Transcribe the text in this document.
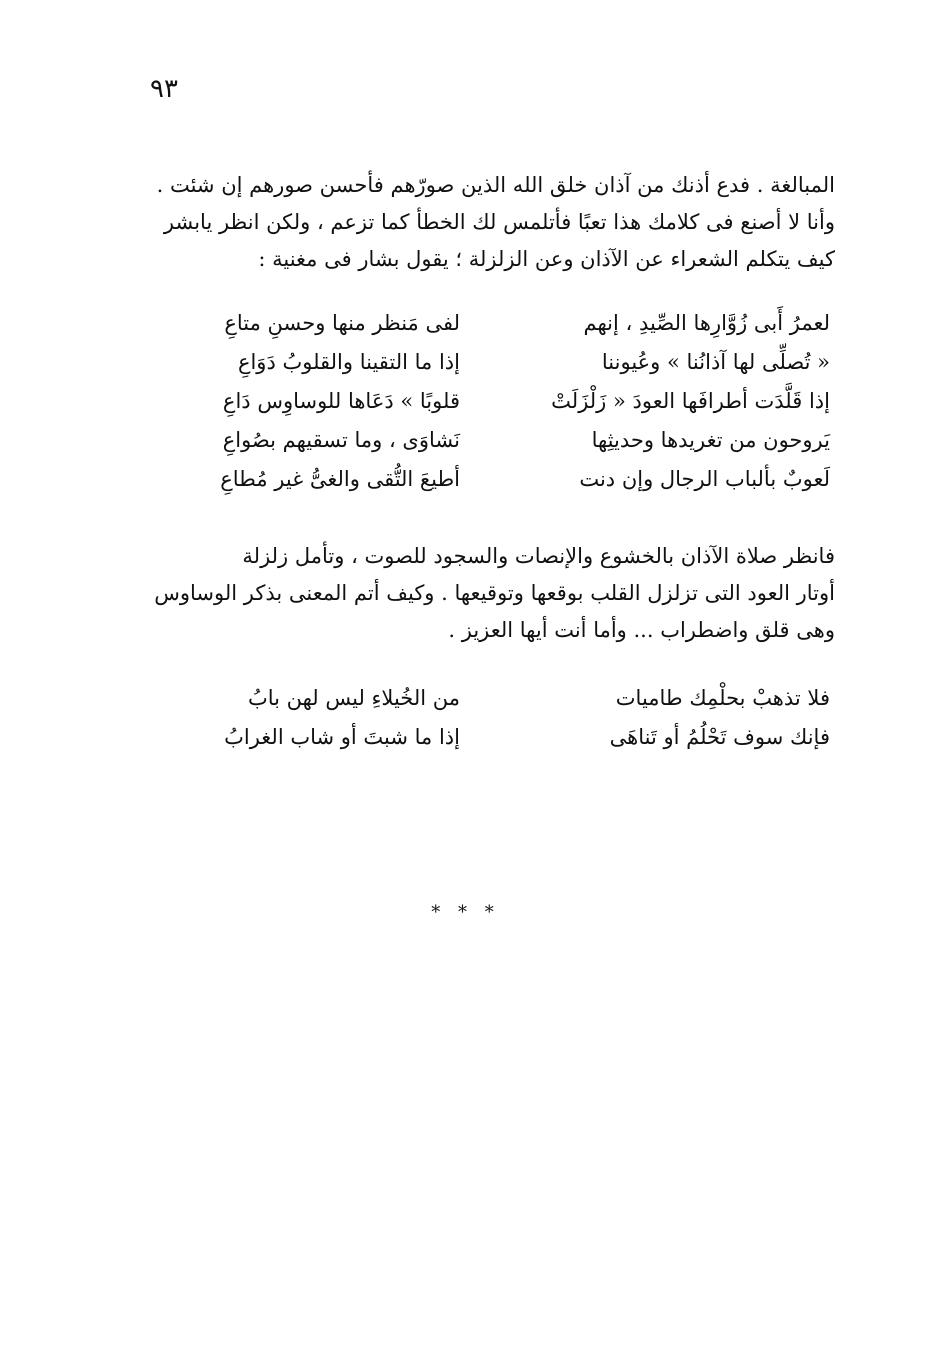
٩٣
المبالغة . فدع أذنك من آذان خلق الله الذين صورّهم فأحسن صورهم إن شئت .
وأنا لا أصنع فى كلامك هذا تعبًا فأتلمس لك الخطأ كما تزعم ، ولكن انظر يابشر
كيف يتكلم الشعراء عن الآذان وعن الزلزلة ؛ يقول بشار فى مغنية :
لعمرُ أَبى زُوَّارِها الصِّيدِ ، إنهم
لفى مَنظر منها وحسنِ متاعِ
« تُصلِّى لها آذانُنا » وعُيوننا
إذا ما التقينا والقلوبُ دَوَاعِ
إذا قَلَّدَت أطرافَها العودَ « زَلْزَلَتْ
قلوبًا » دَعَاها للوساوِس دَاعِ
يَروحون من تغريدها وحديثِها
نَشاوَى ، وما تسقيهم بصُواعِ
لَعوبٌ بألباب الرجال وإن دنت
أطيعَ التُّقى والغىُّ غير مُطاعِ
فانظر صلاة الآذان بالخشوع والإنصات والسجود للصوت ، وتأمل زلزلة
أوتار العود التى تزلزل القلب بوقعها وتوقيعها . وكيف أتم المعنى بذكر الوساوس
وهى قلق واضطراب ... وأما أنت أيها العزيز .
فلا تذهبْ بحلْمِك طاميات
من الخُيلاءِ ليس لهن بابُ
فإنك سوف تَحْلُمُ أو تَناهَى
إذا ما شبتَ أو شاب الغرابُ
* * *
